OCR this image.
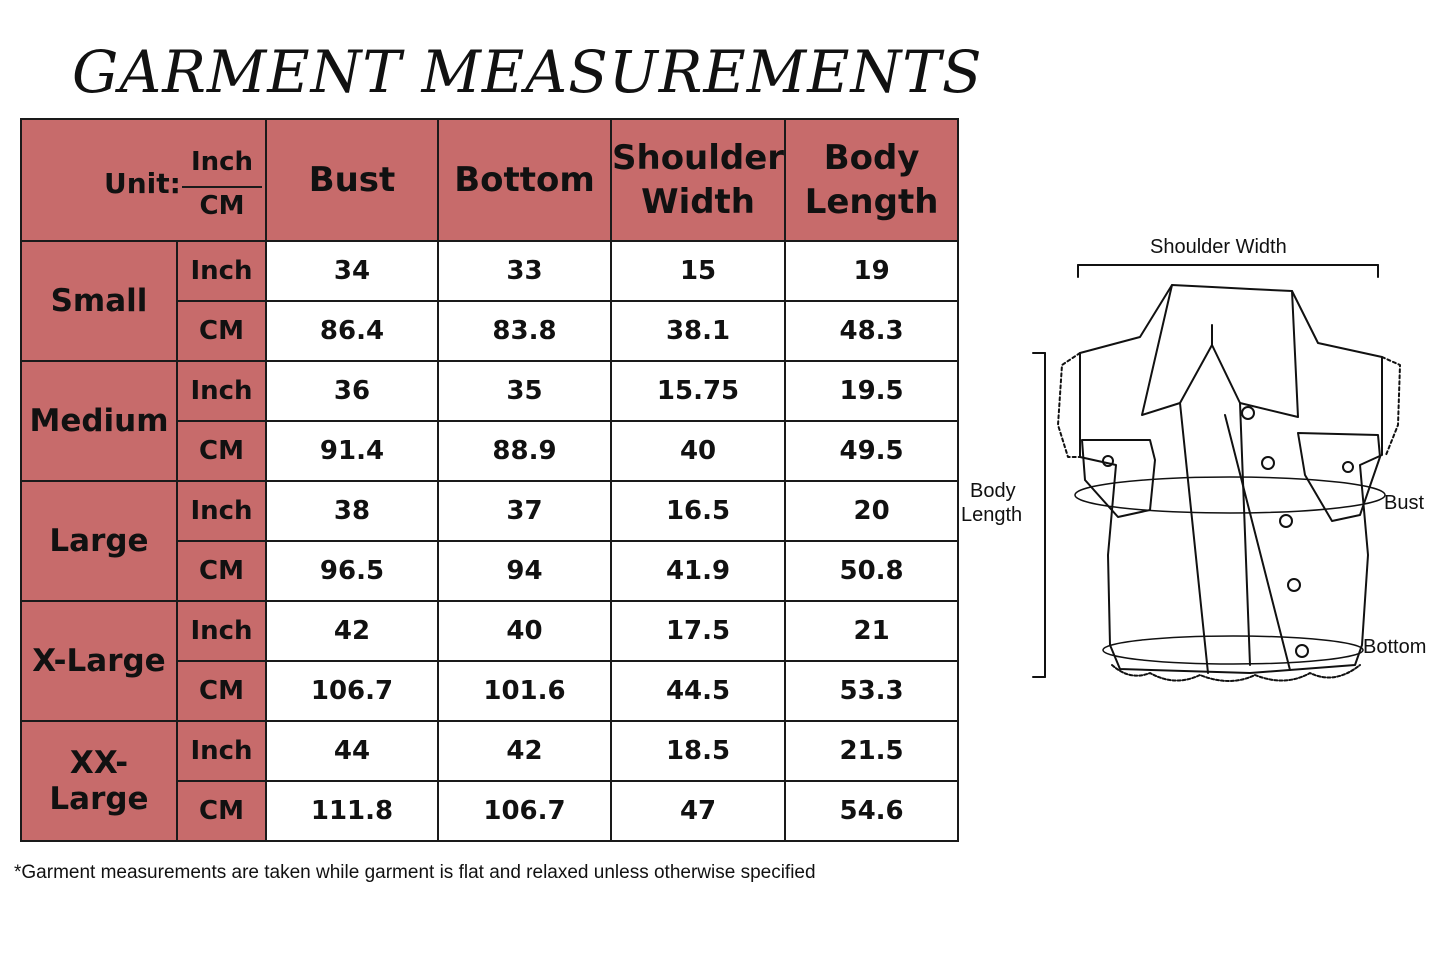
GARMENT MEASUREMENTS
Unit:
Inch
CM		Bust	Bottom	Shoulder Width	Body Length
Small	Inch	34	33	15	19
	CM	86.4	83.8	38.1	48.3
Medium	Inch	36	35	15.75	19.5
	CM	91.4	88.9	40	49.5
Large	Inch	38	37	16.5	20
	CM	96.5	94	41.9	50.8
X-Large	Inch	42	40	17.5	21
	CM	106.7	101.6	44.5	53.3
XX-Large	Inch	44	42	18.5	21.5
	CM	111.8	106.7	47	54.6
*Garment measurements are taken while garment is flat and relaxed unless otherwise specified
Shoulder Width
Body
Length
Bust
Bottom
